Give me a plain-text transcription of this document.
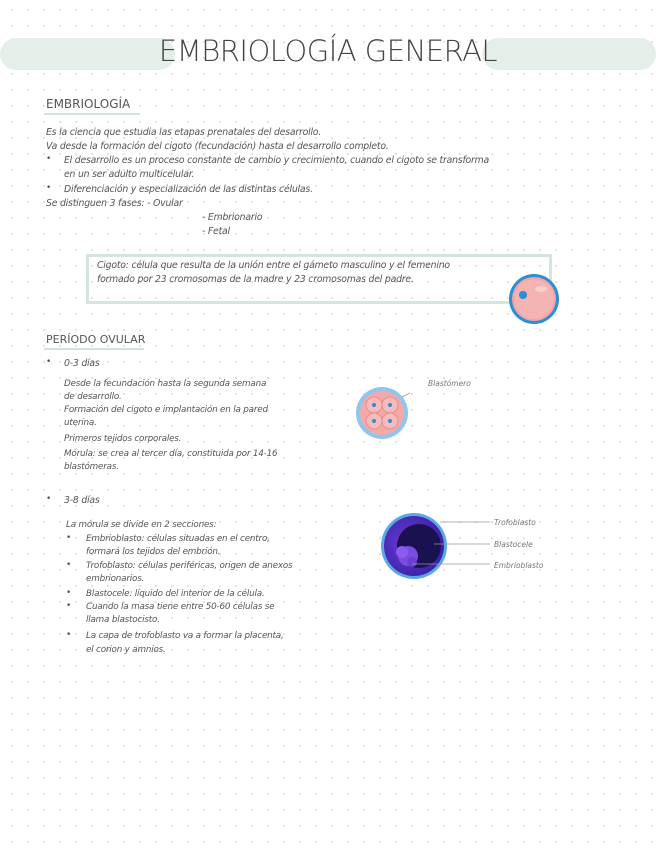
EMBRIOLOGÍA GENERAL
EMBRIOLOGÍA
Es la ciencia que estudia las etapas prenatales del desarrollo.
Va desde la formación del cigoto (fecundación) hasta el desarrollo completo.
• El desarrollo es un proceso constante de cambio y crecimiento, cuando el cigoto se transforma
en un ser adulto multicelular.
• Diferenciación y especialización de las distintas células.
Se distinguen 3 fases: - Ovular
- Embrionario
- Fetal
Cigoto: célula que resulta de la unión entre el gámeto masculino y el femenino
formado por 23 cromosomas de la madre y 23 cromosomas del padre.
PERÍODO OVULAR
• 0-3 días
Desde la fecundación hasta la segunda semana
de desarrollo.
Formación del cigoto e implantación en la pared
uterina.
Primeros tejidos corporales.
Mórula: se crea al tercer día, constituida por 14-16
blastómeras.
Blastómero
• 3-8 días
La mórula se divide en 2 secciones:
• Embrioblasto: células situadas en el centro,
formará los tejidos del embrión.
• Trofoblasto: células periféricas, origen de anexos
embrionarios.
• Blastocele: líquido del interior de la célula.
• Cuando la masa tiene entre 50-60 células se
llama blastocisto.
• La capa de trofoblasto va a formar la placenta,
el corion y amnios.
Trofoblasto
Blastocele
Embrioblasto
